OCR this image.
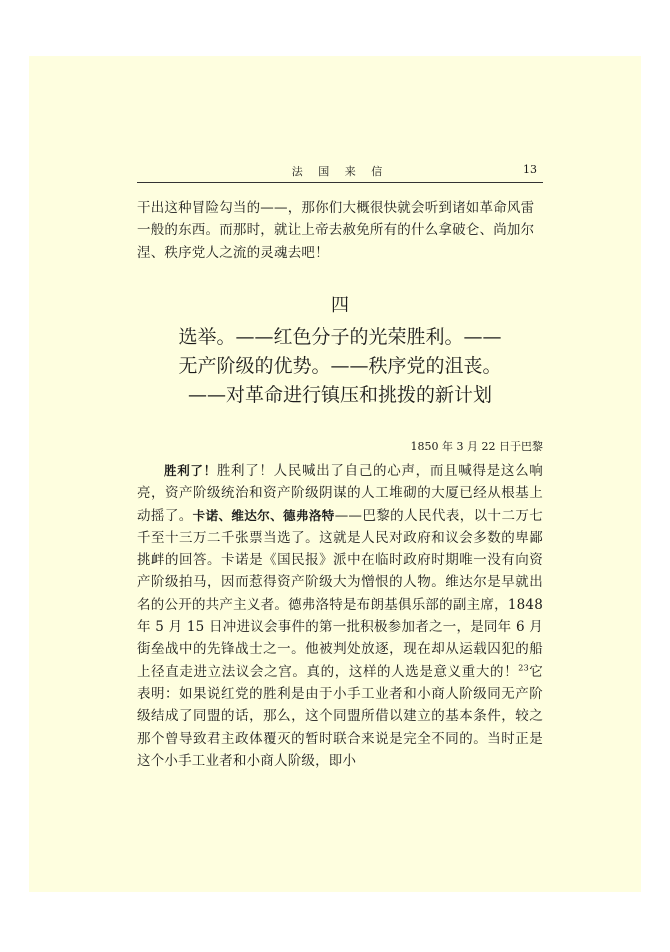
法 国 来 信	13
干出这种冒险勾当的——，那你们大概很快就会听到诸如革命风雷一般的东西。而那时，就让上帝去赦免所有的什么拿破仑、尚加尔涅、秩序党人之流的灵魂去吧！
四
选举。——红色分子的光荣胜利。——
无产阶级的优势。——秩序党的沮丧。
——对革命进行镇压和挑拨的新计划
1850 年 3 月 22 日于巴黎
胜利了！胜利了！人民喊出了自己的心声，而且喊得是这么响亮，资产阶级统治和资产阶级阴谋的人工堆砌的大厦已经从根基上动摇了。卡诺、维达尔、德弗洛特——巴黎的人民代表，以十二万七千至十三万二千张票当选了。这就是人民对政府和议会多数的卑鄙挑衅的回答。卡诺是《国民报》派中在临时政府时期唯一没有向资产阶级拍马，因而惹得资产阶级大为憎恨的人物。维达尔是早就出名的公开的共产主义者。德弗洛特是布朗基俱乐部的副主席，1848 年 5 月 15 日冲进议会事件的第一批积极参加者之一，是同年 6 月街垒战中的先锋战士之一。他被判处放逐，现在却从运载囚犯的船上径直走进立法议会之宫。真的，这样的人选是意义重大的！$^{23}$它表明：如果说红党的胜利是由于小手工业者和小商人阶级同无产阶级结成了同盟的话，那么，这个同盟所借以建立的基本条件，较之那个曾导致君主政体覆灭的暂时联合来说是完全不同的。当时正是这个小手工业者和小商人阶级，即小
